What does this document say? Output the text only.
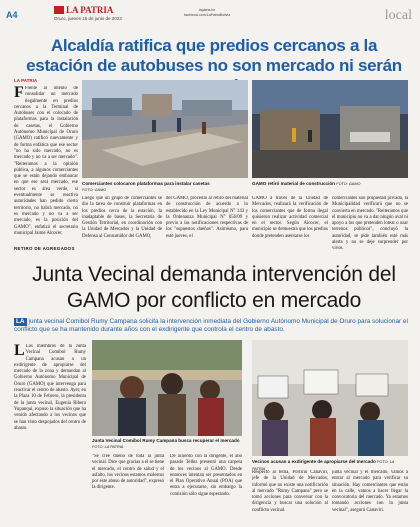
A4	LA PATRIA
Oruro, jueves 15 de junio de 2023
lapatria.bo
facebook.com/LaPatriaBolivia	local
Alcaldía ratifica que predios cercanos a la estación de autobuses no son mercado ni serán
LA PATRIA
F Frente al intento de consolidar un mercado ilegalmente en predios cercanos a la Terminal de Autobuses con el colocado de plataformas para la instalación de casetas, el Gobierno Autónomo Municipal de Oruro (GAMO) ratificó nuevamente y de forma enfática que ese sector "no ha sido mercado, no es mercado y no va a ser mercado". "Reiteramos a la opinión pública, a algunos comerciantes que se están dejando embaucar en que ese será mercado, ese sector es área verde, si eventualmente se reactiva autoridades han pedido cierto territorio, no habrá mercado, no es mercado y no va a ser mercado, es la posición del GAMO", enfatizó el secretario municipal Jaime Alcocer.
RETIRO DE AGREGADOS
Comerciantes colocaron plataformas para instalar casetas
FOTO: GAMO
GAMO retiró material de construcción FOTO: GAMO
Luego que un grupo de comerciantes se dio la tarea de construir plataformas en los predios cerca de la estación, la inadaptable de bases, la Secretaría de Gestión Territorial, en coordinación con la Unidad de Mercados y la Unidad de Defensa al Consumidor del GAMO,
del GAMO, procedió al retiro del material de construcción de acuerdo a lo establecido en la Ley Municipal N° 143 y la Ordenanza Municipal N° 056/09 y previo a las notificaciones respectivas de los "supuestos dueños". Asimismo, para este jueves, el
GAMO a través de la Unidad de Mercados, realizará la verificación de los comerciantes que de forma ilegal quisieron realizar actividad comercial en el sector. Según Alcocer, el municipio se demuestra que los predios donde pretenden asentarse los
comerciantes son propiedad privada, la Municipalidad verificará que no se convierta en mercado. "Reiteramos que el municipio no va a dar ningún aval ni apoyo a los que pretenden lotear o usar terrenos públicos", concluyó la autoridad, se pide también esté más alerta y no se deje sorprender por vivos.
Junta Vecinal demanda intervención del GAMO por conflicto en mercado
LA junta vecinal Comibol Rumy Campana solicita la intervención inmediata del Gobierno Autónomo Municipal de Oruro para solucionar el conflicto que se ha mantenido durante años con el exdirigente que controla el centro de abasto.
L Los miembros de la Junta Vecinal Comibol Rumy Campana acusan a un exdirigente de apropiarse del mercado de la zona y demandan al Gobierno Autónomo Municipal de Oruro (GAMO) que intervenga para reactivar el centro de abasto. Ayer, en la Plaza 10 de Febrero, la presidenta de la junta vecinal, Eugenia Ribera Yupanqui, expuso la situación que ha venido afectando a los vecinos que se han visto despojados del centro de abasto.
Junta Vecinal Comibol Rumy Campana busca recuperar el mercado
FOTO: LA PATRIA
Vecinos acusan a exdirigente de apropiarse del mercado FOTO: LA PATRIA
"Se cree dueño de toda la junta vecinal. Dice que gracias a él se tiene el mercado, el centro de salud y el asfalto, los vecinos estamos molestos por este abuso de autoridad", expresó la dirigente.
De acuerdo con la dirigente, el año pasado Tellez presentó una carpeta de los vecinos al GAMO. Desde entonces intentan ser presentados en el Plan Operativo Anual (POA) que entra a ejecutarse, sin embargo la comisión sólo sigue esperando.
Respecto al tema, Porfirio Canaviri, jefe de la Unidad de Mercados, informó que no existe una notificación al mercado "Rumy Campana" pero se tomó acciones para conversar con la dirigencia y buscar una solución al conflicto vecinal.
junta vecinal y el mercado, vamos a entrar al mercado para verificar su situación. Hay comerciantes que están en la calle, vamos a hacer llegar la convocatoria del mercado. Ya estamos tomando acciones con la junta vecinal", aseguró Canaviri.
